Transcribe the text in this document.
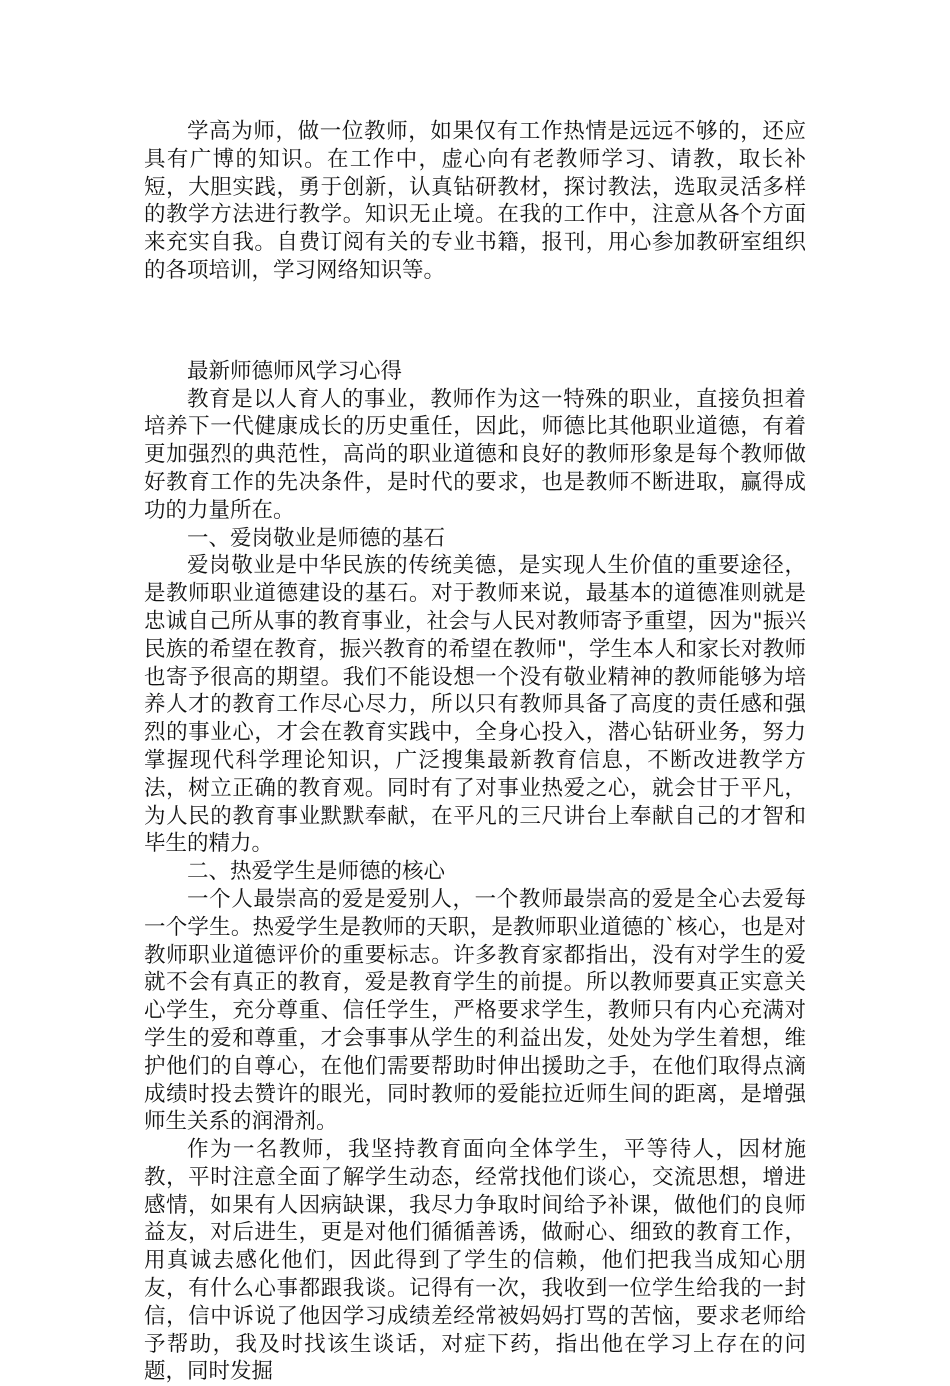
学高为师，做一位教师，如果仅有工作热情是远远不够的，还应具有广博的知识。在工作中，虚心向有老教师学习、请教，取长补短，大胆实践，勇于创新，认真钻研教材，探讨教法，选取灵活多样的教学方法进行教学。知识无止境。在我的工作中，注意从各个方面来充实自我。自费订阅有关的专业书籍，报刊，用心参加教研室组织的各项培训，学习网络知识等。

最新师德师风学习心得

教育是以人育人的事业，教师作为这一特殊的职业，直接负担着培养下一代健康成长的历史重任，因此，师德比其他职业道德，有着更加强烈的典范性，高尚的职业道德和良好的教师形象是每个教师做好教育工作的先决条件，是时代的要求，也是教师不断进取，赢得成功的力量所在。

一、爱岗敬业是师德的基石

爱岗敬业是中华民族的传统美德，是实现人生价值的重要途径，是教师职业道德建设的基石。对于教师来说，最基本的道德准则就是忠诚自己所从事的教育事业，社会与人民对教师寄予重望，因为"振兴民族的希望在教育，振兴教育的希望在教师"，学生本人和家长对教师也寄予很高的期望。我们不能设想一个没有敬业精神的教师能够为培养人才的教育工作尽心尽力，所以只有教师具备了高度的责任感和强烈的事业心，才会在教育实践中，全身心投入，潜心钻研业务，努力掌握现代科学理论知识，广泛搜集最新教育信息，不断改进教学方法，树立正确的教育观。同时有了对事业热爱之心，就会甘于平凡，为人民的教育事业默默奉献，在平凡的三尺讲台上奉献自己的才智和毕生的精力。

二、热爱学生是师德的核心

一个人最崇高的爱是爱别人，一个教师最崇高的爱是全心去爱每一个学生。热爱学生是教师的天职，是教师职业道德的`核心，也是对教师职业道德评价的重要标志。许多教育家都指出，没有对学生的爱就不会有真正的教育，爱是教育学生的前提。所以教师要真正实意关心学生，充分尊重、信任学生，严格要求学生，教师只有内心充满对学生的爱和尊重，才会事事从学生的利益出发，处处为学生着想，维护他们的自尊心，在他们需要帮助时伸出援助之手，在他们取得点滴成绩时投去赞许的眼光，同时教师的爱能拉近师生间的距离，是增强师生关系的润滑剂。

作为一名教师，我坚持教育面向全体学生，平等待人，因材施教，平时注意全面了解学生动态，经常找他们谈心，交流思想，增进感情，如果有人因病缺课，我尽力争取时间给予补课，做他们的良师益友，对后进生，更是对他们循循善诱，做耐心、细致的教育工作，用真诚去感化他们，因此得到了学生的信赖，他们把我当成知心朋友，有什么心事都跟我谈。记得有一次，我收到一位学生给我的一封信，信中诉说了他因学习成绩差经常被妈妈打骂的苦恼，要求老师给予帮助，我及时找该生谈话，对症下药，指出他在学习上存在的问题，同时发掘
